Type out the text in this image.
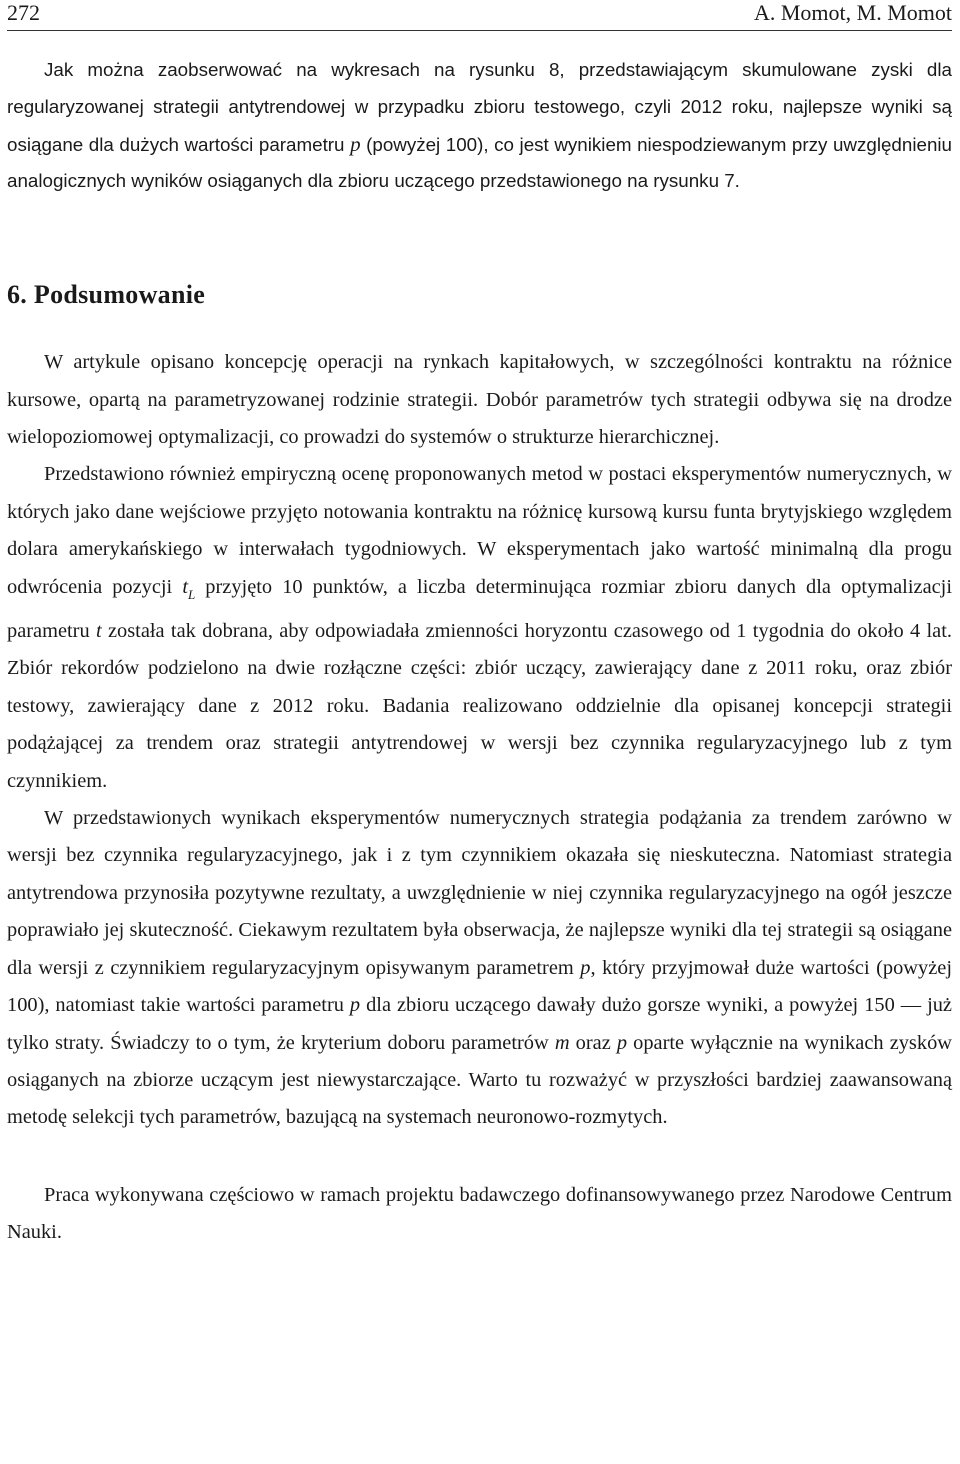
272	A. Momot, M. Momot

Jak można zaobserwować na wykresach na rysunku 8, przedstawiającym skumulowane zyski dla regularyzowanej strategii antytrendowej w przypadku zbioru testowego, czyli 2012 roku, najlepsze wyniki są osiągane dla dużych wartości parametru p (powyżej 100), co jest wynikiem niespodziewanym przy uwzględnieniu analogicznych wyników osiąganych dla zbioru uczącego przedstawionego na rysunku 7.

6. Podsumowanie

W artykule opisano koncepcję operacji na rynkach kapitałowych, w szczególności kontraktu na różnice kursowe, opartą na parametryzowanej rodzinie strategii. Dobór parametrów tych strategii odbywa się na drodze wielopoziomowej optymalizacji, co prowadzi do systemów o strukturze hierarchicznej.

Przedstawiono również empiryczną ocenę proponowanych metod w postaci eksperymentów numerycznych, w których jako dane wejściowe przyjęto notowania kontraktu na różnicę kursową kursu funta brytyjskiego względem dolara amerykańskiego w interwałach tygodniowych. W eksperymentach jako wartość minimalną dla progu odwrócenia pozycji $t_L$ przyjęto 10 punktów, a liczba determinująca rozmiar zbioru danych dla optymalizacji parametru t została tak dobrana, aby odpowiadała zmienności horyzontu czasowego od 1 tygodnia do około 4 lat. Zbiór rekordów podzielono na dwie rozłączne części: zbiór uczący, zawierający dane z 2011 roku, oraz zbiór testowy, zawierający dane z 2012 roku. Badania realizowano oddzielnie dla opisanej koncepcji strategii podążającej za trendem oraz strategii antytrendowej w wersji bez czynnika regularyzacyjnego lub z tym czynnikiem.

W przedstawionych wynikach eksperymentów numerycznych strategia podążania za trendem zarówno w wersji bez czynnika regularyzacyjnego, jak i z tym czynnikiem okazała się nieskuteczna. Natomiast strategia antytrendowa przynosiła pozytywne rezultaty, a uwzględnienie w niej czynnika regularyzacyjnego na ogół jeszcze poprawiało jej skuteczność. Ciekawym rezultatem była obserwacja, że najlepsze wyniki dla tej strategii są osiągane dla wersji z czynnikiem regularyzacyjnym opisywanym parametrem p, który przyjmował duże wartości (powyżej 100), natomiast takie wartości parametru p dla zbioru uczącego dawały dużo gorsze wyniki, a powyżej 150 — już tylko straty. Świadczy to o tym, że kryterium doboru parametrów m oraz p oparte wyłącznie na wynikach zysków osiąganych na zbiorze uczącym jest niewystarczające. Warto tu rozważyć w przyszłości bardziej zaawansowaną metodę selekcji tych parametrów, bazującą na systemach neuronowo-rozmytych.

Praca wykonywana częściowo w ramach projektu badawczego dofinansowywanego przez Narodowe Centrum Nauki.
